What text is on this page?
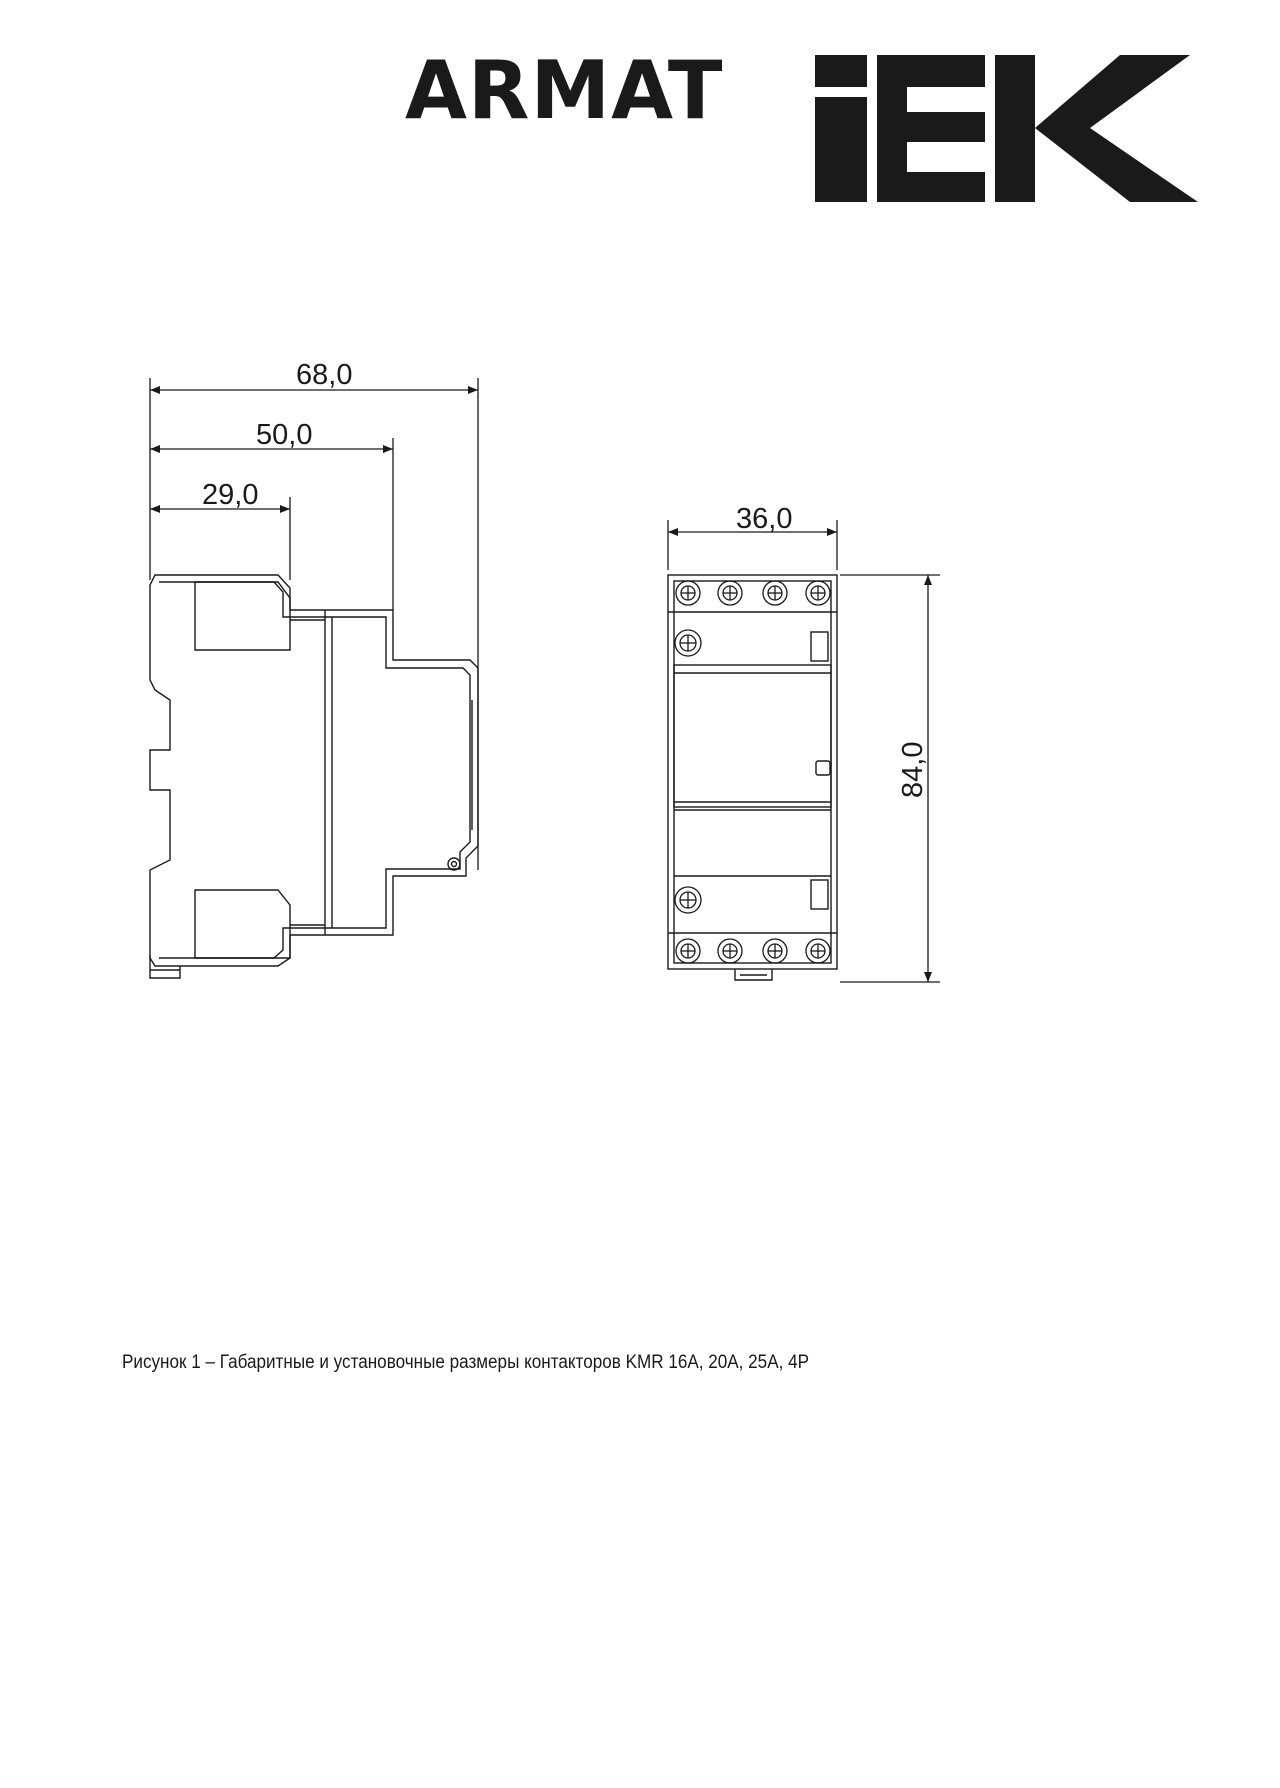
ARMAT
68,0
50,0
29,0
36,0
84,0
Рисунок 1 – Габаритные и установочные размеры контакторов KMR 16A, 20A, 25A, 4P
